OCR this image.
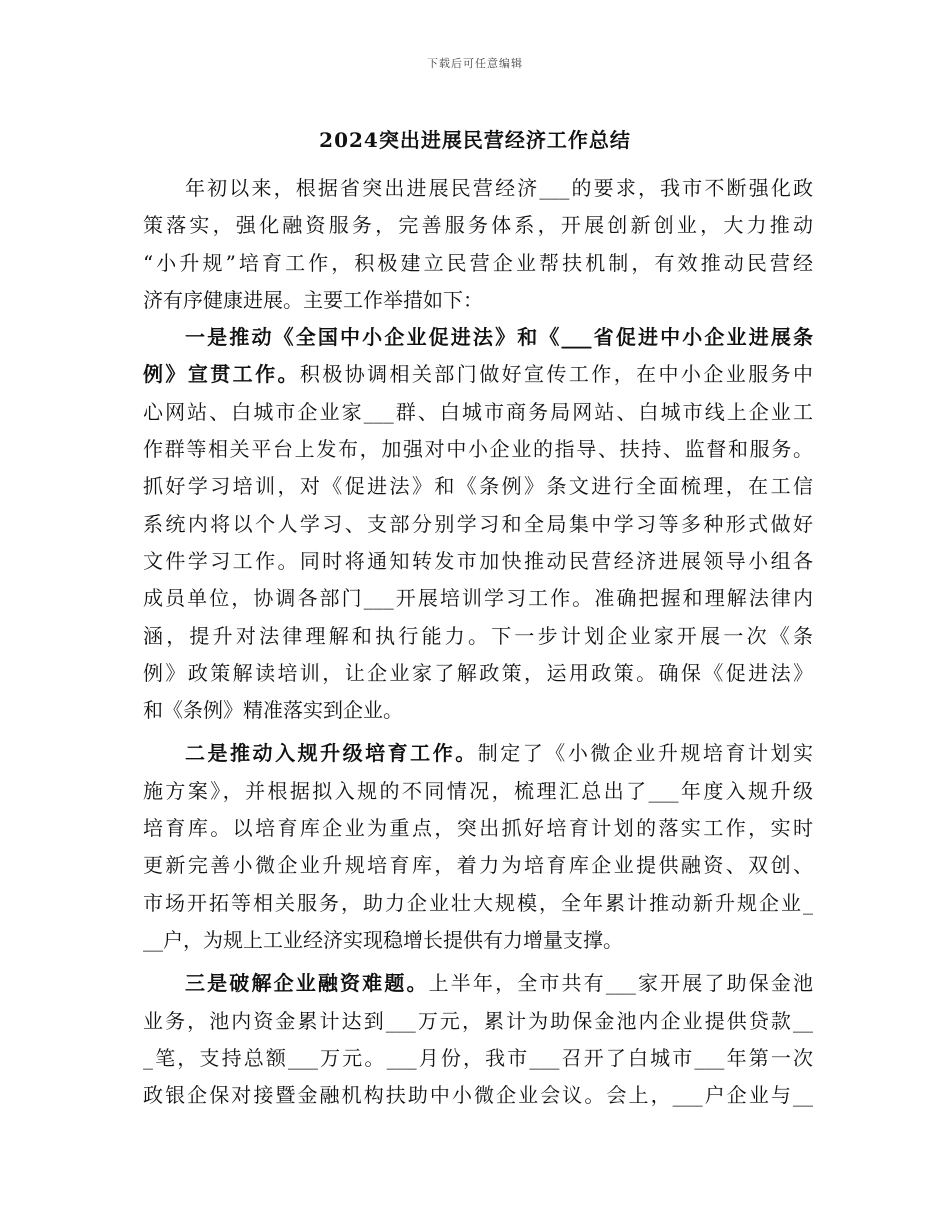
下载后可任意编辑
2024突出进展民营经济工作总结
年初以来，根据省突出进展民营经济___的要求，我市不断强化政
策落实，强化融资服务，完善服务体系，开展创新创业，大力推动
“小升规”培育工作，积极建立民营企业帮扶机制，有效推动民营经
济有序健康进展。主要工作举措如下：
一是推动《全国中小企业促进法》和《___省促进中小企业进展条
例》宣贯工作。积极协调相关部门做好宣传工作，在中小企业服务中
心网站、白城市企业家___群、白城市商务局网站、白城市线上企业工
作群等相关平台上发布，加强对中小企业的指导、扶持、监督和服务。
抓好学习培训，对《促进法》和《条例》条文进行全面梳理，在工信
系统内将以个人学习、支部分别学习和全局集中学习等多种形式做好
文件学习工作。同时将通知转发市加快推动民营经济进展领导小组各
成员单位，协调各部门___开展培训学习工作。准确把握和理解法律内
涵，提升对法律理解和执行能力。下一步计划企业家开展一次《条
例》政策解读培训，让企业家了解政策，运用政策。确保《促进法》
和《条例》精准落实到企业。
二是推动入规升级培育工作。制定了《小微企业升规培育计划实
施方案》，并根据拟入规的不同情况，梳理汇总出了___年度入规升级
培育库。以培育库企业为重点，突出抓好培育计划的落实工作，实时
更新完善小微企业升规培育库，着力为培育库企业提供融资、双创、
市场开拓等相关服务，助力企业壮大规模，全年累计推动新升规企业_
__户，为规上工业经济实现稳增长提供有力增量支撑。
三是破解企业融资难题。上半年，全市共有___家开展了助保金池
业务，池内资金累计达到___万元，累计为助保金池内企业提供贷款__
_笔，支持总额___万元。___月份，我市___召开了白城市___年第一次
政银企保对接暨金融机构扶助中小微企业会议。会上，___户企业与__
